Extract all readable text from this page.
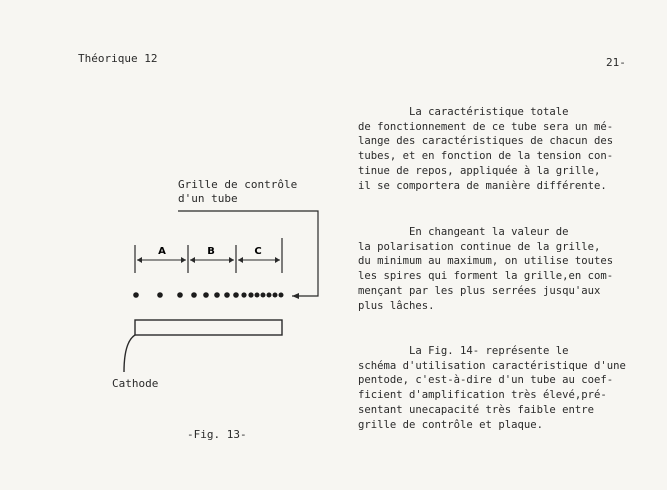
Théorique 12	21-

La caractéristique totale
de fonctionnement de ce tube sera un mé-
lange des caractéristiques de chacun des
tubes, et en fonction de la tension con-
tinue de repos, appliquée à la grille,
il se comportera de manière différente.

En changeant la valeur de
la polarisation continue de la grille,
du minimum au maximum, on utilise toutes
les spires qui forment la grille,en com-
mençant par les plus serrées jusqu'aux
plus lâches.

La Fig. 14- représente le
schéma d'utilisation caractéristique d'une
pentode, c'est-à-dire d'un tube au coef-
ficient d'amplification très élevé,pré-
sentant unecapacité très faible entre
grille de contrôle et plaque.

A	B	C
Grille de contrôle
d'un tube
Cathode
-Fig. 13-
